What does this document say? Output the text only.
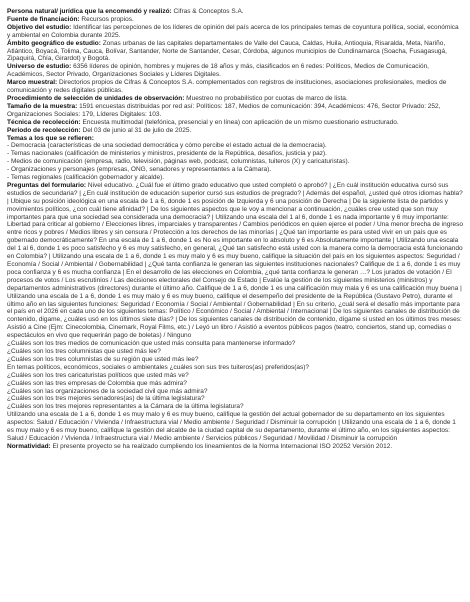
Persona natural/ jurídica que la encomendó y realizó: Cifras & Conceptos S.A.
Fuente de financiación: Recursos propios.
Objetivo del estudio: Identificar las percepciones de los líderes de opinión del país acerca de los principales temas de coyuntura política, social, económica y ambiental en Colombia durante 2025.
Ámbito geográfico de estudio: Zonas urbanas de las capitales departamentales de Valle del Cauca, Caldas, Huila, Antioquia, Risaralda, Meta, Nariño, Atlántico, Boyacá, Tolima, Cauca, Bolívar, Santander, Norte de Santander, Cesar, Córdoba, algunos municipios de Cundinamarca (Soacha, Fusagasugá, Zipaquirá, Chía, Girardot) y Bogotá.
Universo de estudio: 6356 líderes de opinión, hombres y mujeres de 18 años y más, clasificados en 6 redes: Políticos, Medios de Comunicación, Académicos, Sector Privado, Organizaciones Sociales y Líderes Digitales.
Marco muestral: Directorios propios de Cifras & Conceptos S.A. complementados con registros de instituciones, asociaciones profesionales, medios de comunicación y redes digitales públicas.
Procedimiento de selección de unidades de observación: Muestreo no probabilístico por cuotas de marco de lista.
Tamaño de la muestra: 1591 encuestas distribuidas por red así: Políticos: 187, Medios de comunicación: 394, Académicos: 476, Sector Privado: 252, Organizaciones Sociales: 179, Líderes Digitales: 103.
Técnica de recolección: Encuesta multimodal (telefónica, presencial y en línea) con aplicación de un mismo cuestionario estructurado.
Periodo de recolección: Del 03 de junio al 31 de julio de 2025.
Temas a los que se refieren:
- Democracia (características de una sociedad democrática y cómo percibe el estado actual de la democracia).
- Temas nacionales (calificación de ministerios y ministros, presidente de la República, desafíos, justicia y paz).
- Medios de comunicación (empresa, radio, televisión, páginas web, podcast, columnistas, tuiteros (X) y caricaturistas).
- Organizaciones y personajes (empresas, ONG, senadores y representantes a la Cámara).
- Temas regionales (calificación gobernador y alcalde).
Preguntas del formulario: Nivel educativo. ¿Cuál fue el último grado educativo que usted completó o aprobó? | ¿En cuál institución educativa cursó sus estudios de secundaria? | ¿En cuál institución de educación superior cursó sus estudios de pregrado? | Además del español, ¿usted qué otros idiomas habla? | Ubique su posición ideológica en una escala de 1 a 6, donde 1 es posición de Izquierda y 6 una posición de Derecha | De la siguiente lista de partidos y movimientos políticos, ¿con cuál tiene afinidad? | De los siguientes aspectos que le voy a mencionar a continuación, ¿cuáles cree usted que son muy importantes para que una sociedad sea considerada una democracia? | Utilizando una escala del 1 al 6, donde 1 es nada importante y 6 muy importante: Libertad para criticar al gobierno / Elecciones libres, imparciales y transparentes / Cambios periódicos en quien ejerce el poder / Una menor brecha de ingreso entre ricos y pobres / Medios libres y sin censura / Protección a los derechos de las minorías | ¿Qué tan importante es para usted vivir en un país que es gobernado democráticamente? En una escala de 1 a 6, donde 1 es No es importante en lo absoluto y 6 es Absolutamente importante | Utilizando una escala del 1 al 6, donde 1 es poco satisfecho y 6 es muy satisfecho, en general, ¿Qué tan satisfecho está usted con la manera como la democracia está funcionando en Colombia? | Utilizando una escala de 1 a 6, donde 1 es muy malo y 6 es muy bueno, califique la situación del país en los siguientes aspectos: Seguridad / Economía / Social / Ambiental / Gobernabilidad | ¿Qué tanta confianza le generan las siguientes instituciones nacionales? Califique de 1 a 6, donde 1 es muy poca confianza y 6 es mucha confianza | En el desarrollo de las elecciones en Colombia, ¿qué tanta confianza le generan …? Los jurados de votación / El procesos de votos / Los escrutinios / Las decisiones electorales del Consejo de Estado | Evalúe la gestión de los siguientes ministerios (ministros) y departamentos administrativos (directores) durante el último año. Califique de 1 a 6, donde 1 es una calificación muy mala y 6 es una calificación muy buena | Utilizando una escala de 1 a 6, donde 1 es muy malo y 6 es muy bueno, califique el desempeño del presidente de la República (Gustavo Petro), durante el último año en las siguientes funciones: Seguridad / Economía / Social / Ambiental / Gobernabilidad | En su criterio, ¿cuál será el desafío más importante para el país en el 2026 en cada uno de los siguientes temas: Político / Económico / Social / Ambiental / Internacional | De los siguientes canales de distribución de contenido, digame, ¿cuáles usó en los últimos siete días? | De los siguientes canales de distribución de contenido, dígame si usted en los últimos tres meses: Asistió a Cine (Ejm: Cinecolombia, Cinemark, Royal Films, etc.) / Leyó un libro / Asistió a eventos públicos pagos (teatro, conciertos, stand up, comedias o espectáculos en vivo que requerirán pago de boletas) / Ninguno
¿Cuáles son los tres medios de comunicación que usted más consulta para mantenerse informado?
¿Cuáles son los tres columnistas que usted más lee?
¿Cuáles son los tres columnistas de su región que usted más lee?
En temas políticos, económicos, sociales o ambientales ¿cuáles son sus tres tuiteros(as) preferidos(as)?
¿Cuáles son los tres caricaturistas políticos que usted más ve?
¿Cuáles son las tres empresas de Colombia que más admira?
¿Cuáles son las organizaciones de la sociedad civil que más admira?
¿Cuáles son los tres mejores senadores(as) de la última legislatura?
¿Cuáles son los tres mejores representantes a la Cámara de la última legislatura?
Utilizando una escala de 1 a 6, donde 1 es muy malo y 6 es muy bueno, califique la gestión del actual gobernador de su departamento en los siguientes aspectos: Salud / Educación / Vivienda / Infraestructura vial / Medio ambiente / Seguridad / Disminuir la corrupción | Utilizando una escala de 1 a 6, donde 1 es muy malo y 6 es muy bueno, califique la gestión del alcalde de la ciudad capital de su departamento, durante el último año, en los siguientes aspectos: Salud / Educación / Vivienda / Infraestructura vial / Medio ambiente / Servicios públicos / Seguridad / Movilidad / Disminuir la corrupción
Normatividad: El presente proyecto se ha realizado cumpliendo los lineamientos de la Norma Internacional ISO 20252 Versión 2012.
